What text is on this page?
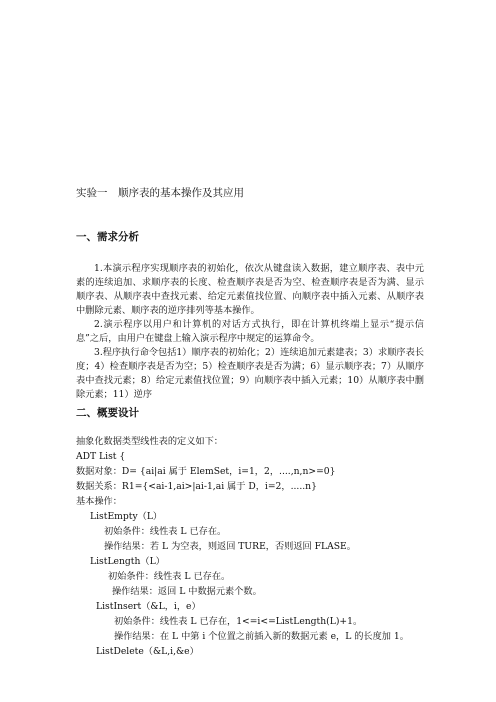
实验一　顺序表的基本操作及其应用
一、需求分析

1.本演示程序实现顺序表的初始化，依次从键盘读入数据，建立顺序表、表中元素的连续追加、求顺序表的长度、检查顺序表是否为空、检查顺序表是否为满、显示顺序表、从顺序表中查找元素、给定元素值找位置、向顺序表中插入元素、从顺序表中删除元素、顺序表的逆序排列等基本操作。

2.演示程序以用户和计算机的对话方式执行，即在计算机终端上显示“提示信息”之后，由用户在键盘上输入演示程序中规定的运算命令。

3.程序执行命令包括1）顺序表的初始化；2）连续追加元素建表；3）求顺序表长度；4）检查顺序表是否为空；5）检查顺序表是否为满；6）显示顺序表；7）从顺序表中查找元素；8）给定元素值找位置；9）向顺序表中插入元素；10）从顺序表中删除元素；11）逆序

二、概要设计
抽象化数据类型线性表的定义如下：
ADT List {
数据对象：D= {ai|ai 属于 ElemSet，i=1，2，....,n,n>=0}
数据关系：R1={<ai-1,ai>|ai-1,ai 属于 D，i=2，.....n}
基本操作：
ListEmpty（L）
初始条件：线性表 L 已存在。
操作结果：若 L 为空表，则返回 TURE，否则返回 FLASE。
ListLength（L）
初始条件：线性表 L 已存在。
操作结果：返回 L 中数据元素个数。
ListInsert（&L，i，e）
初始条件：线性表 L 已存在，1<=i<=ListLength(L)+1。
操作结果：在 L 中第 i 个位置之前插入新的数据元素 e，L 的长度加 1。
ListDelete（&L,i,&e）
